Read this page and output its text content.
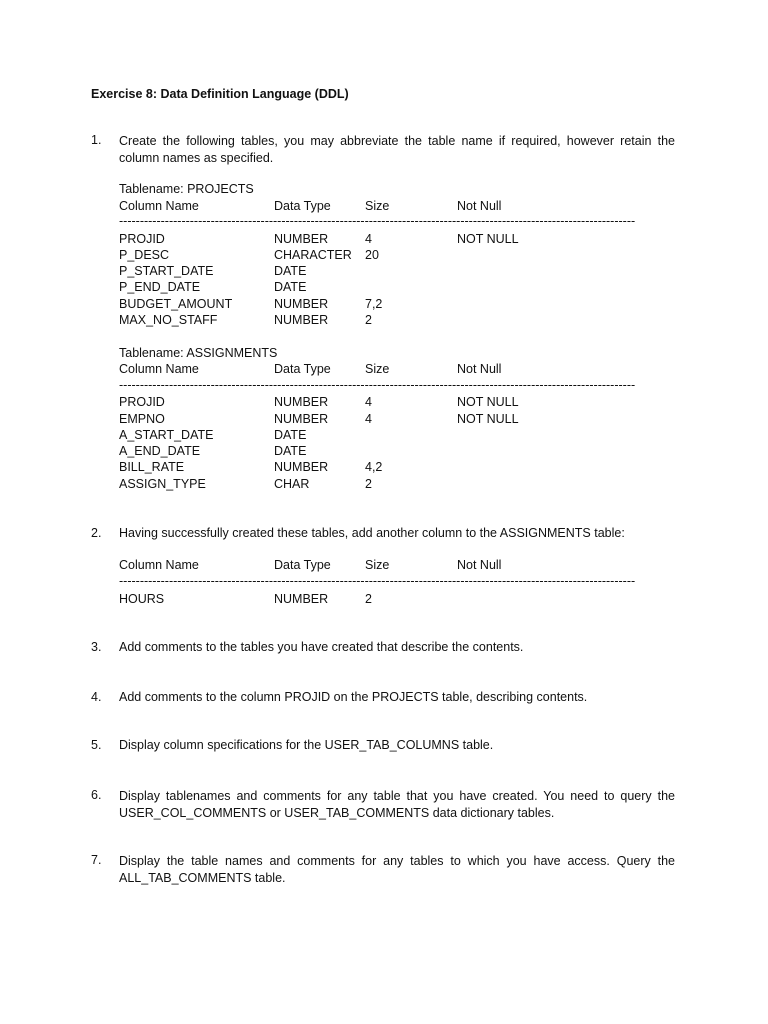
Exercise 8: Data Definition Language (DDL)
1. Create the following tables, you may abbreviate the table name if required, however retain the column names as specified.
Tablename: PROJECTS
Column Name	Data Type	Size	Not Null
----------------------------------------------------------------------------------------------------------------------------
PROJID	NUMBER	4	NOT NULL
P_DESC	CHARACTER 20
P_START_DATE	DATE
P_END_DATE	DATE
BUDGET_AMOUNT	NUMBER	7,2
MAX_NO_STAFF	NUMBER	2
Tablename: ASSIGNMENTS
Column Name	Data Type	Size	Not Null
----------------------------------------------------------------------------------------------------------------------------
PROJID	NUMBER	4	NOT NULL
EMPNO	NUMBER	4	NOT NULL
A_START_DATE	DATE
A_END_DATE	DATE
BILL_RATE	NUMBER	4,2
ASSIGN_TYPE	CHAR	2
2. Having successfully created these tables, add another column to the ASSIGNMENTS table:
Column Name	Data Type	Size	Not Null
----------------------------------------------------------------------------------------------------------------------------
HOURS	NUMBER	2
3. Add comments to the tables you have created that describe the contents.
4. Add comments to the column PROJID on the PROJECTS table, describing contents.
5. Display column specifications for the USER_TAB_COLUMNS table.
6. Display tablenames and comments for any table that you have created. You need to query the USER_COL_COMMENTS or USER_TAB_COMMENTS data dictionary tables.
7. Display the table names and comments for any tables to which you have access. Query the ALL_TAB_COMMENTS table.
